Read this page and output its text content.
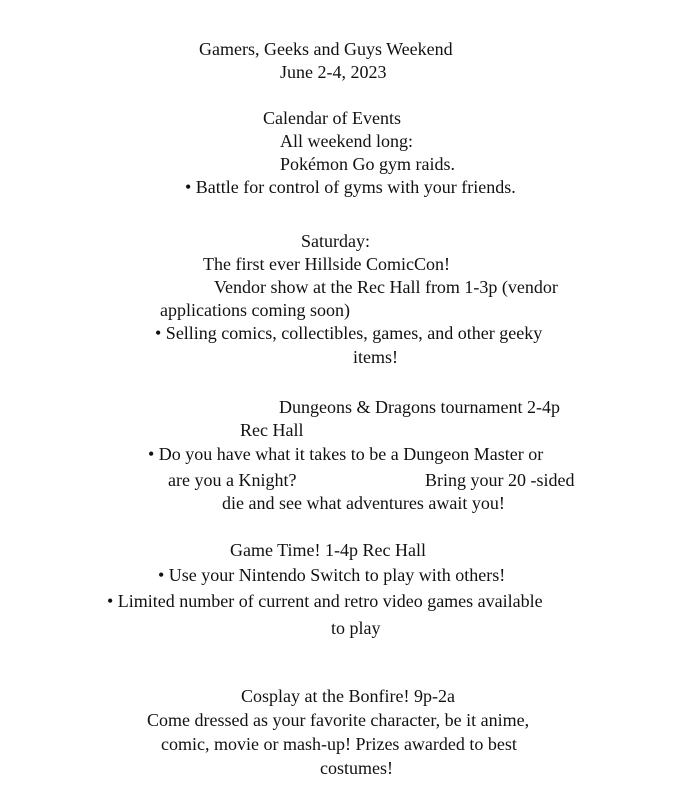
Gamers, Geeks and Guys Weekend
June 2-4, 2023
Calendar of Events
All weekend long:
Pokémon Go gym raids.
• Battle for control of gyms with your friends.
Saturday:
The first ever Hillside ComicCon!
Vendor show at the Rec Hall from 1-3p (vendor
applications coming soon)
• Selling comics, collectibles, games, and other geeky
items!
Dungeons & Dragons tournament 2-4p
Rec Hall
• Do you have what it takes to be a Dungeon Master or
are you a Knight?	Bring your 20 -sided
die and see what adventures await you!
Game Time! 1-4p Rec Hall
• Use your Nintendo Switch to play with others!
• Limited number of current and retro video games available
to play
Cosplay at the Bonfire! 9p-2a
Come dressed as your favorite character, be it anime,
comic, movie or mash-up! Prizes awarded to best
costumes!
